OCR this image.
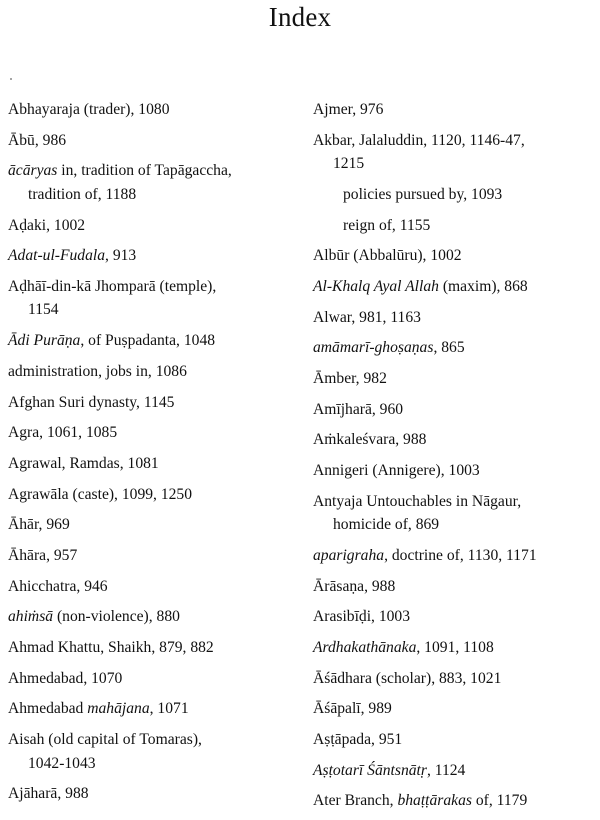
Index
Abhayaraja (trader), 1080
Ābū, 986
ācāryas in, tradition of Tapāgaccha,
tradition of, 1188
Aḍaki, 1002
Adat-ul-Fudala, 913
Aḍhāī-din-kā Jhomparā (temple),
1154
Ādi Purāṇa, of Puṣpadanta, 1048
administration, jobs in, 1086
Afghan Suri dynasty, 1145
Agra, 1061, 1085
Agrawal, Ramdas, 1081
Agrawāla (caste), 1099, 1250
Āhār, 969
Āhāra, 957
Ahicchatra, 946
ahiṁsā (non-violence), 880
Ahmad Khattu, Shaikh, 879, 882
Ahmedabad, 1070
Ahmedabad mahājana, 1071
Aisah (old capital of Tomaras),
1042-1043
Ajāharā, 988
Ajmer, 976
Akbar, Jalaluddin, 1120, 1146-47,
1215
policies pursued by, 1093
reign of, 1155
Albūr (Abbalūru), 1002
Al-Khalq Ayal Allah (maxim), 868
Alwar, 981, 1163
amāmarī-ghoṣaṇas, 865
Āmber, 982
Amījharā, 960
Aṁkaleśvara, 988
Annigeri (Annigere), 1003
Antyaja Untouchables in Nāgaur,
homicide of, 869
aparigraha, doctrine of, 1130, 1171
Ārāsaṇa, 988
Arasibīḍi, 1003
Ardhakathānaka, 1091, 1108
Āśādhara (scholar), 883, 1021
Āśāpalī, 989
Aṣṭāpada, 951
Aṣṭotarī Śāntsnātṛ, 1124
Ater Branch, bhaṭṭārakas of, 1179
